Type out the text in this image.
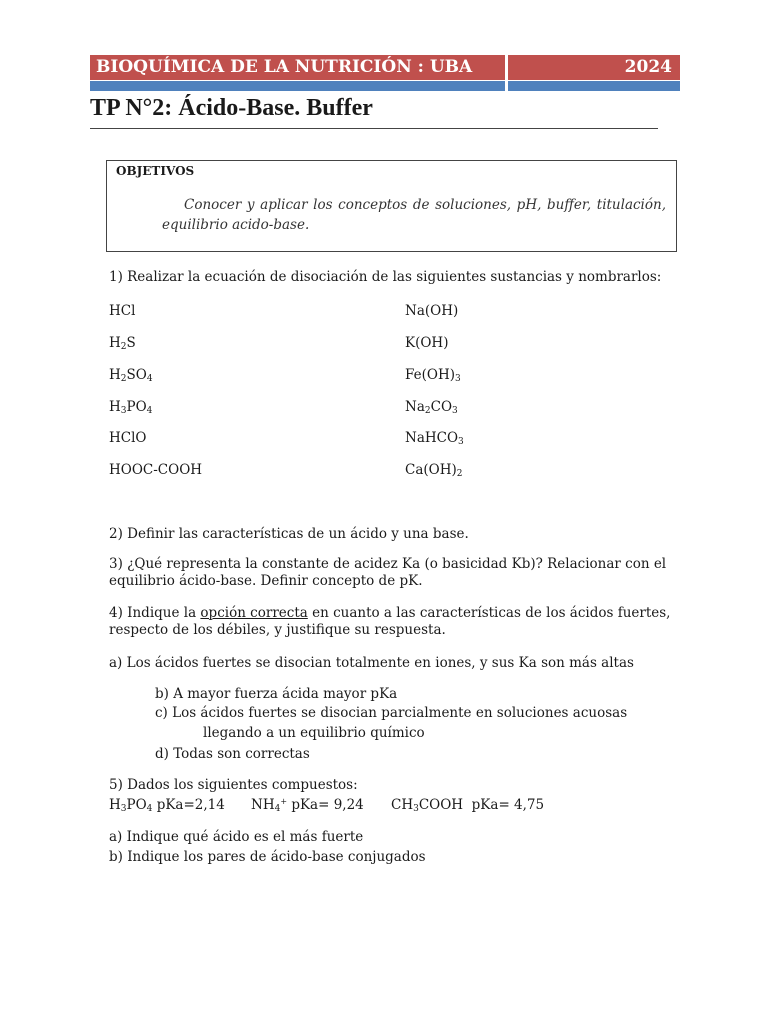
BIOQUÍMICA DE LA NUTRICIÓN : UBA	2024
TP N°2: Ácido-Base. Buffer
OBJETIVOS
Conocer y aplicar los conceptos de soluciones, pH, buffer, titulación, equilibrio acido-base.
1) Realizar la ecuación de disociación de las siguientes sustancias y nombrarlos:
HCl
$H_2S$
$H_2SO_4$
$H_3PO_4$
HClO
HOOC-COOH
Na(OH)
K(OH)
$Fe(OH)_3$
$Na_2CO_3$
NaHCO$_3$
$Ca(OH)_2$
2) Definir las características de un ácido y una base.
3) ¿Qué representa la constante de acidez Ka (o basicidad Kb)? Relacionar con el
equilibrio ácido-base. Definir concepto de pK.
4) Indique la opción correcta en cuanto a las características de los ácidos fuertes,
respecto de los débiles, y justifique su respuesta.
a) Los ácidos fuertes se disocian totalmente en iones, y sus Ka son más altas
b) A mayor fuerza ácida mayor pKa
c) Los ácidos fuertes se disocian parcialmente en soluciones acuosas
llegando a un equilibrio químico
d) Todas son correctas
5) Dados los siguientes compuestos:
$H_3PO_4$ pKa=2,14 $NH_4^+$ pKa= 9,24 $CH_3COOH$  pKa= 4,75
a) Indique qué ácido es el más fuerte
b) Indique los pares de ácido-base conjugados
